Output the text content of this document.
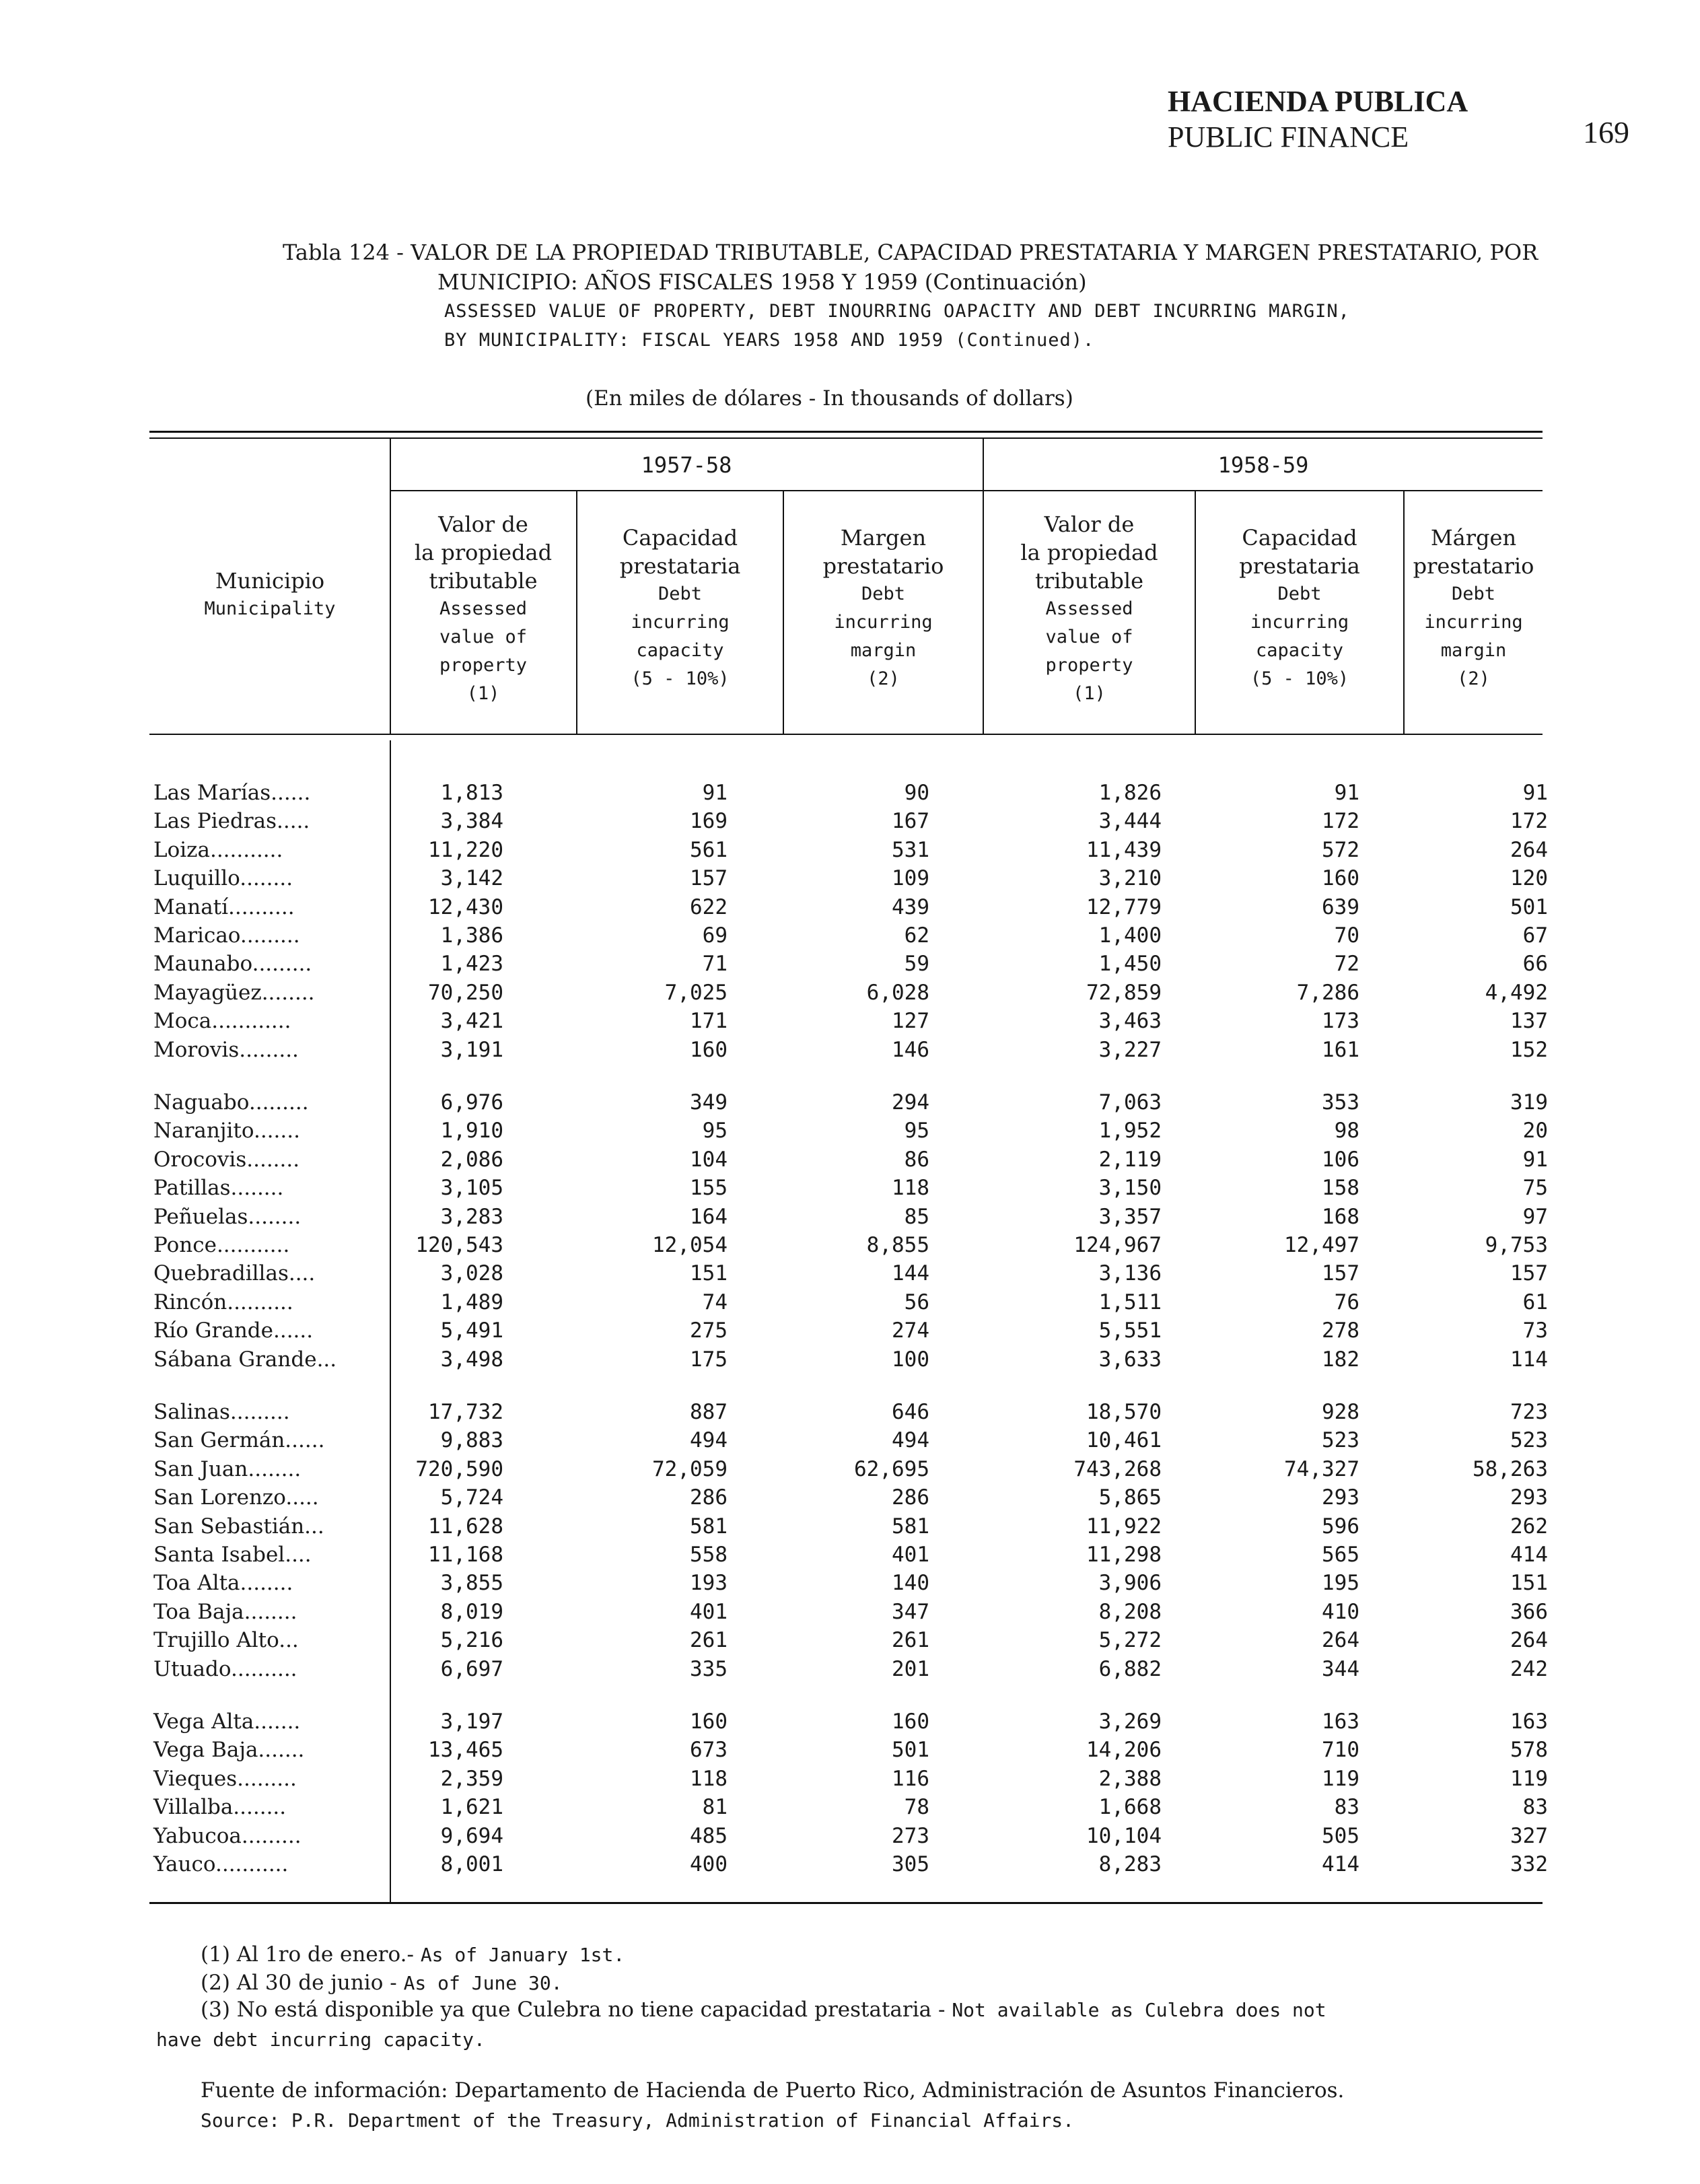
HACIENDA PUBLICA
PUBLIC FINANCE	169
Tabla 124 - VALOR DE LA PROPIEDAD TRIBUTABLE, CAPACIDAD PRESTATARIA Y MARGEN PRESTATARIO, POR
MUNICIPIO: AÑOS FISCALES 1958 Y 1959 (Continuación)
ASSESSED VALUE OF PROPERTY, DEBT INOURRING OAPACITY AND DEBT INCURRING MARGIN,
BY MUNICIPALITY: FISCAL YEARS 1958 AND 1959 (Continued).
(En miles de dólares - In thousands of dollars)
1957-58	1958-59
Municipio
Municipality
Valor de
la propiedad
tributable
Assessed
value of
property
(1)
Capacidad
prestataria
Debt
incurring
capacity
(5 - 10%)
Margen
prestatario
Debt
incurring
margin
(2)
Valor de
la propiedad
tributable
Assessed
value of
property
(1)
Capacidad
prestataria
Debt
incurring
capacity
(5 - 10%)
Márgen
prestatario
Debt
incurring
margin
(2)
Las Marías......	1,813	91	90	1,826	91	91
Las Piedras.....	3,384	169	167	3,444	172	172
Loiza...........	11,220	561	531	11,439	572	264
Luquillo........	3,142	157	109	3,210	160	120
Manatí..........	12,430	622	439	12,779	639	501
Maricao.........	1,386	69	62	1,400	70	67
Maunabo.........	1,423	71	59	1,450	72	66
Mayagüez........	70,250	7,025	6,028	72,859	7,286	4,492
Moca............	3,421	171	127	3,463	173	137
Morovis.........	3,191	160	146	3,227	161	152
Naguabo.........	6,976	349	294	7,063	353	319
Naranjito.......	1,910	95	95	1,952	98	20
Orocovis........	2,086	104	86	2,119	106	91
Patillas........	3,105	155	118	3,150	158	75
Peñuelas........	3,283	164	85	3,357	168	97
Ponce...........	120,543	12,054	8,855	124,967	12,497	9,753
Quebradillas....	3,028	151	144	3,136	157	157
Rincón..........	1,489	74	56	1,511	76	61
Río Grande......	5,491	275	274	5,551	278	73
Sábana Grande...	3,498	175	100	3,633	182	114
Salinas.........	17,732	887	646	18,570	928	723
San Germán......	9,883	494	494	10,461	523	523
San Juan........	720,590	72,059	62,695	743,268	74,327	58,263
San Lorenzo.....	5,724	286	286	5,865	293	293
San Sebastián...	11,628	581	581	11,922	596	262
Santa Isabel....	11,168	558	401	11,298	565	414
Toa Alta........	3,855	193	140	3,906	195	151
Toa Baja........	8,019	401	347	8,208	410	366
Trujillo Alto...	5,216	261	261	5,272	264	264
Utuado..........	6,697	335	201	6,882	344	242
Vega Alta.......	3,197	160	160	3,269	163	163
Vega Baja.......	13,465	673	501	14,206	710	578
Vieques.........	2,359	118	116	2,388	119	119
Villalba........	1,621	81	78	1,668	83	83
Yabucoa.........	9,694	485	273	10,104	505	327
Yauco...........	8,001	400	305	8,283	414	332
(1) Al 1ro de enero.- As of January 1st.
(2) Al 30 de junio - As of June 30.
(3) No está disponible ya que Culebra no tiene capacidad prestataria - Not available as Culebra does not
have debt incurring capacity.
Fuente de información: Departamento de Hacienda de Puerto Rico, Administración de Asuntos Financieros.
Source: P.R. Department of the Treasury, Administration of Financial Affairs.
